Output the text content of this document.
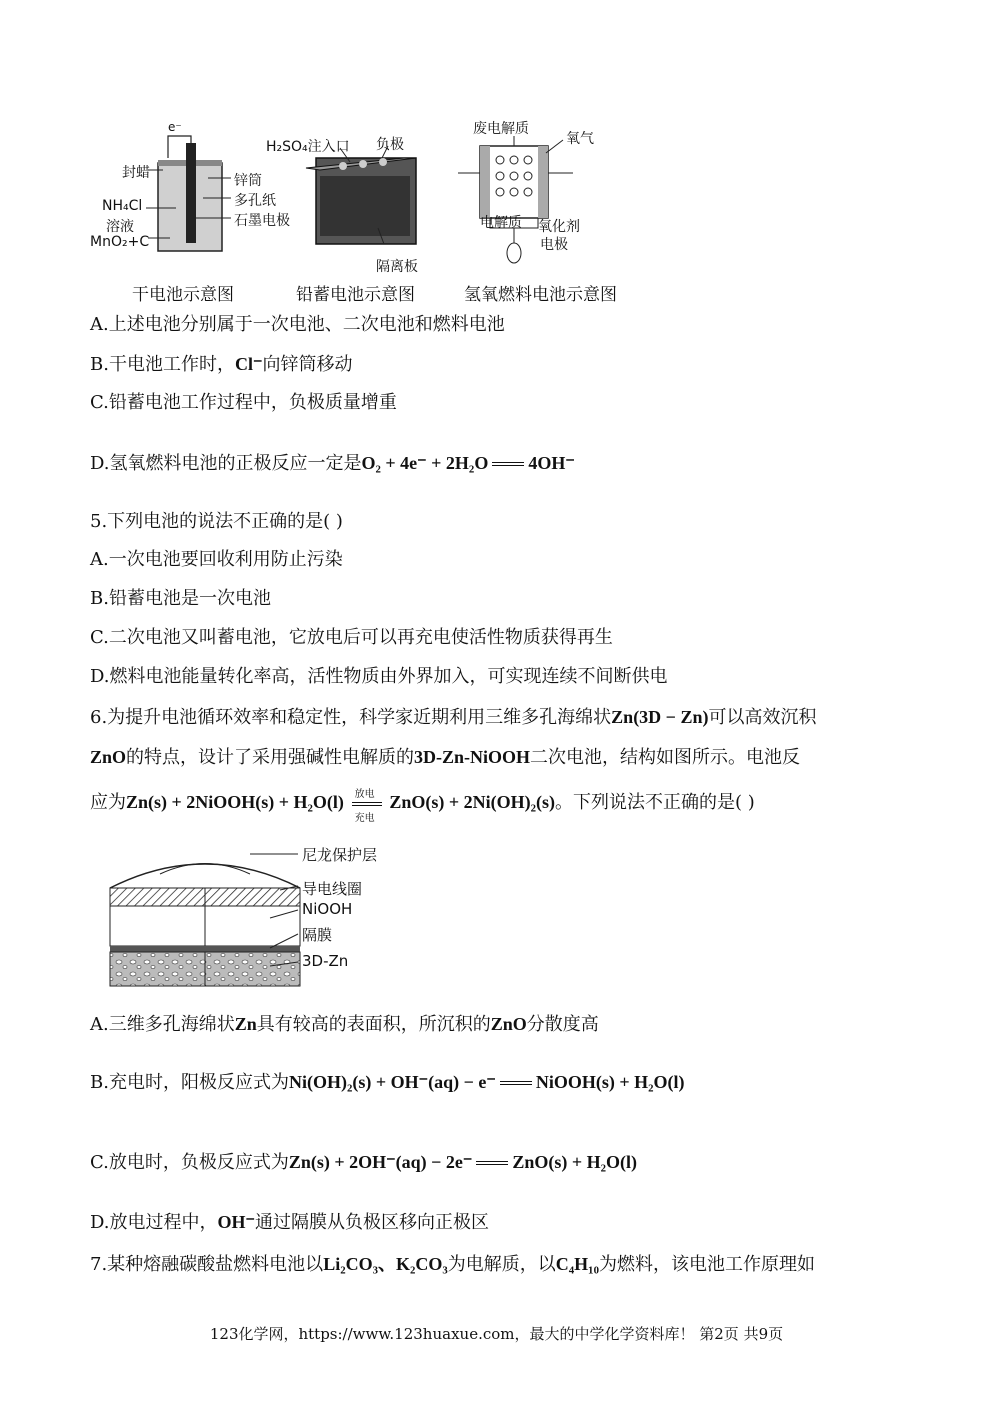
封蜡
NH₄Cl
溶液
MnO₂+C
锌筒
多孔纸
石墨电极
e⁻
H₂SO₄注入口 负极
隔离板
废电解质
氧气
电解质 氧化剂
电极
干电池示意图	铅蓄电池示意图	氢氧燃料电池示意图
A.上述电池分别属于一次电池、二次电池和燃料电池
B.干电池工作时，Cl⁻向锌筒移动
C.铅蓄电池工作过程中，负极质量增重
D.氢氧燃料电池的正极反应一定是O₂ + 4e⁻ + 2H₂O 4OH⁻
5.下列电池的说法不正确的是( )
A.一次电池要回收利用防止污染
B.铅蓄电池是一次电池
C.二次电池又叫蓄电池，它放电后可以再充电使活性物质获得再生
D.燃料电池能量转化率高，活性物质由外界加入，可实现连续不间断供电
6.为提升电池循环效率和稳定性，科学家近期利用三维多孔海绵状Zn(3D − Zn)可以高效沉积
ZnO的特点，设计了采用强碱性电解质的3D-Zn-NiOOH二次电池，结构如图所示。电池反
应为Zn(s) + 2NiOOH(s) + H₂O(l) 放电
充电
ZnO(s) + 2Ni(OH)₂(s)。下列说法不正确的是( )
尼龙保护层
导电线圈
NiOOH
隔膜
3D-Zn
A.三维多孔海绵状Zn具有较高的表面积，所沉积的ZnO分散度高
B.充电时，阳极反应式为Ni(OH)₂(s) + OH⁻(aq) − e⁻ NiOOH(s) + H₂O(l)
C.放电时，负极反应式为Zn(s) + 2OH⁻(aq) − 2e⁻ ZnO(s) + H₂O(l)
D.放电过程中，OH⁻通过隔膜从负极区移向正极区
7.某种熔融碳酸盐燃料电池以Li₂CO₃、K₂CO₃为电解质，以C₄H₁₀为燃料，该电池工作原理如
123化学网，https://www.123huaxue.com，最大的中学化学资料库！ 第2页 共9页
